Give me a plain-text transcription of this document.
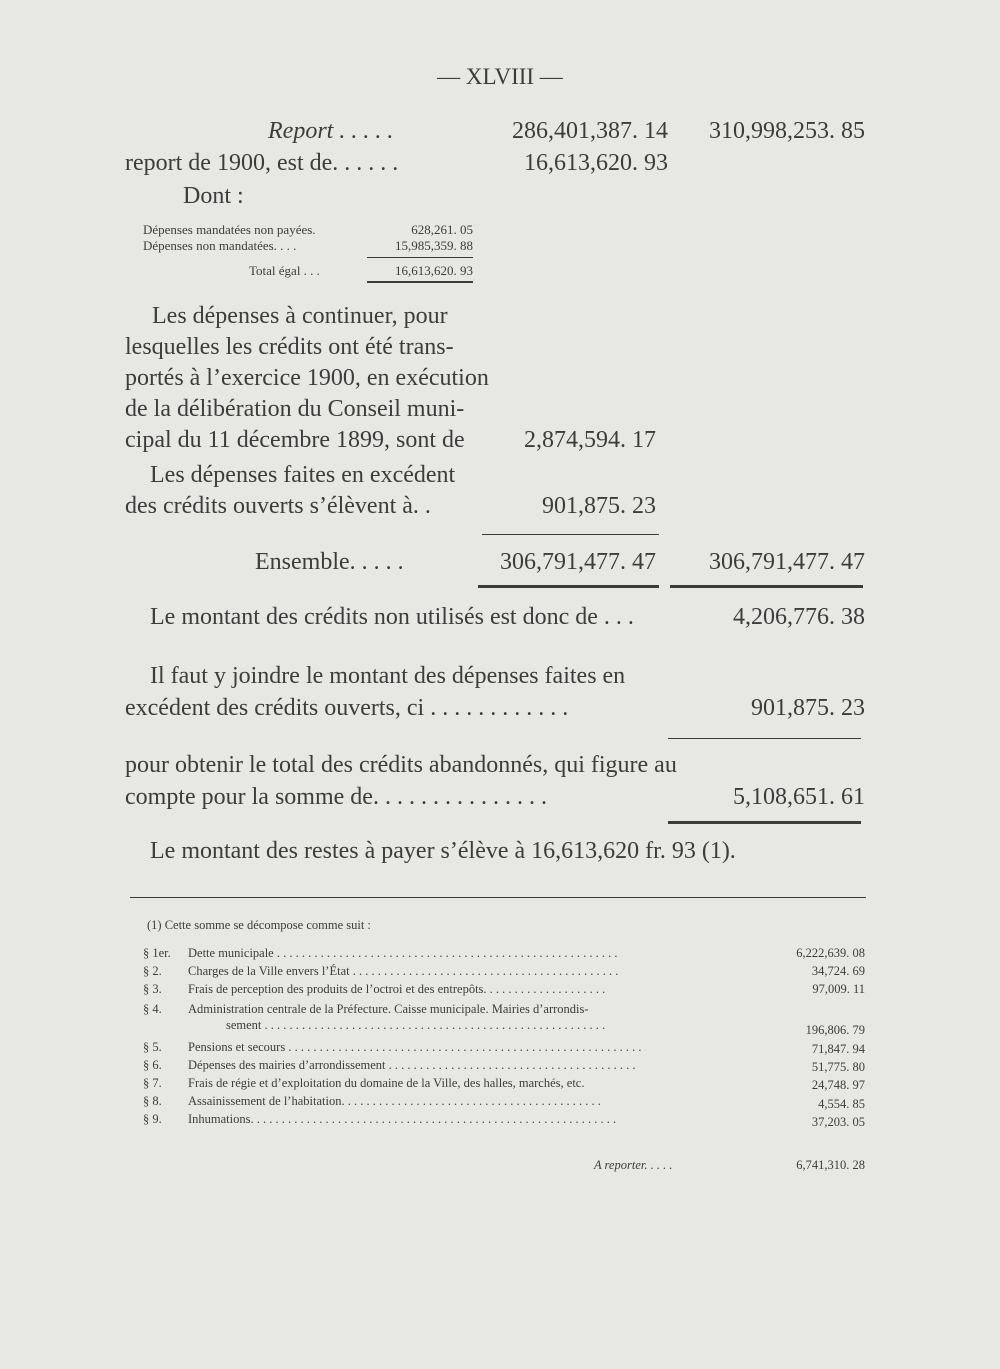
— XLVIII —
Report . . . . .	286,401,387. 14	310,998,253. 85
report de 1900, est de. . . . . .	16,613,620. 93
Dont :
Dépenses mandatées non payées.	628,261. 05
Dépenses non mandatées. . . .	15,985,359. 88
Total égal . . .	16,613,620. 93
Les dépenses à continuer, pour
lesquelles les crédits ont été trans-
portés à l’exercice 1900, en exécution
de la délibération du Conseil muni-
cipal du 11 décembre 1899, sont de	2,874,594. 17
Les dépenses faites en excédent
des crédits ouverts s’élèvent à. .	901,875. 23
Ensemble. . . . .	306,791,477. 47	306,791,477. 47
Le montant des crédits non utilisés est donc de . . .	4,206,776. 38
Il faut y joindre le montant des dépenses faites en
excédent des crédits ouverts, ci . . . . . . . . . . . .	901,875. 23
pour obtenir le total des crédits abandonnés, qui figure au
compte pour la somme de. . . . . . . . . . . . . . .	5,108,651. 61
Le montant des restes à payer s’élève à 16,613,620 fr. 93 (1).
(1) Cette somme se décompose comme suit :
§ 1er. Dette municipale . . . . . . . . . . . . . . . . . . . . . . . . . . . . . . . . . . . . . . . . . . . . . . . . . . . . . . .	6,222,639. 08
§ 2. Charges de la Ville envers l’État . . . . . . . . . . . . . . . . . . . . . . . . . . . . . . . . . . . . . . . . . . .	34,724. 69
§ 3. Frais de perception des produits de l’octroi et des entrepôts. . . . . . . . . . . . . . . . . . . .	97,009. 11
§ 4. Administration centrale de la Préfecture. Caisse municipale. Mairies d’arrondis-
sement . . . . . . . . . . . . . . . . . . . . . . . . . . . . . . . . . . . . . . . . . . . . . . . . . . . . . . .	196,806. 79
§ 5. Pensions et secours . . . . . . . . . . . . . . . . . . . . . . . . . . . . . . . . . . . . . . . . . . . . . . . . . . . . . . . . .	71,847. 94
§ 6. Dépenses des mairies d’arrondissement . . . . . . . . . . . . . . . . . . . . . . . . . . . . . . . . . . . . . . . .	51,775. 80
§ 7. Frais de régie et d’exploitation du domaine de la Ville, des halles, marchés, etc.	24,748. 97
§ 8. Assainissement de l’habitation. . . . . . . . . . . . . . . . . . . . . . . . . . . . . . . . . . . . . . . . . .	4,554. 85
§ 9. Inhumations. . . . . . . . . . . . . . . . . . . . . . . . . . . . . . . . . . . . . . . . . . . . . . . . . . . . . . . . . . .	37,203. 05
A reporter. . . . .	6,741,310. 28
